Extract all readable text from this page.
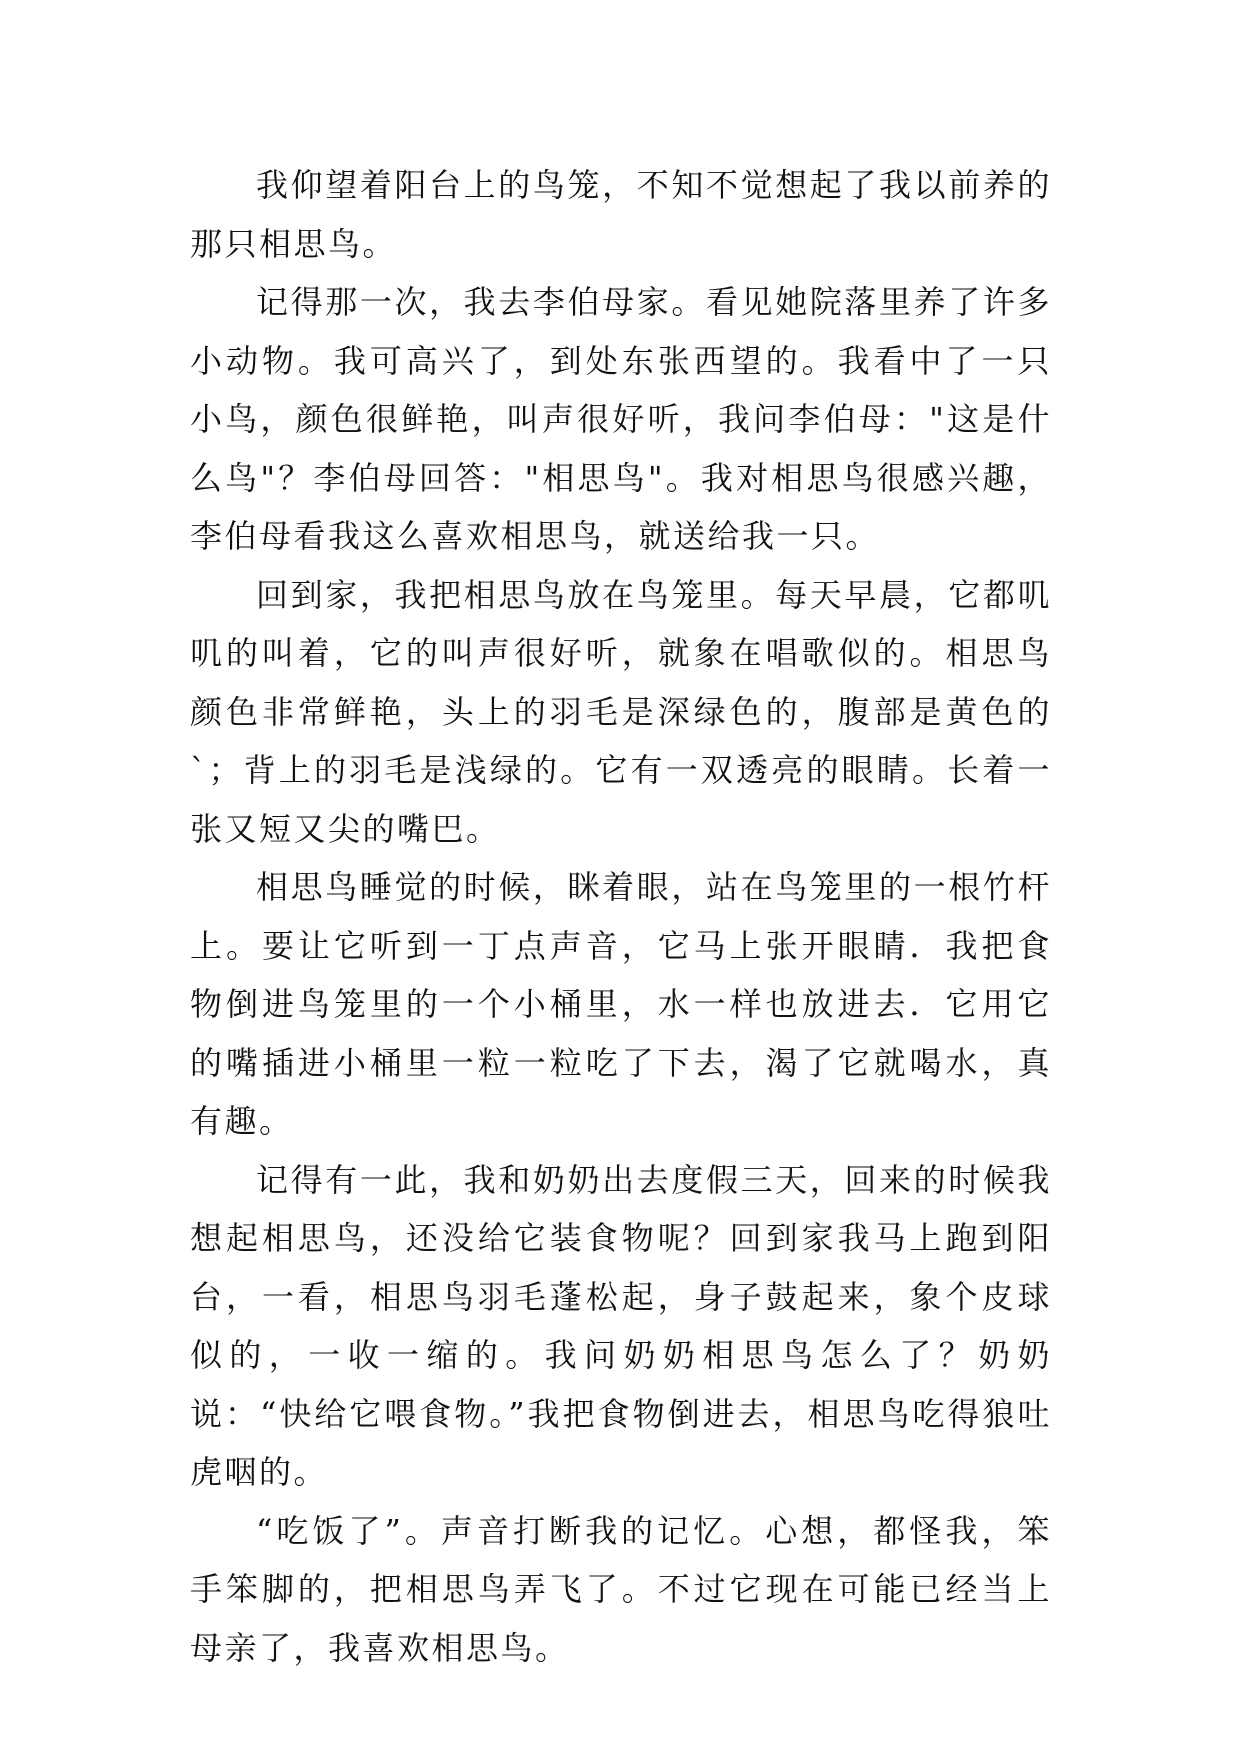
我仰望着阳台上的鸟笼，不知不觉想起了我以前养的那只相思鸟。

记得那一次，我去李伯母家。看见她院落里养了许多小动物。我可高兴了，到处东张西望的。我看中了一只小鸟，颜色很鲜艳，叫声很好听，我问李伯母："这是什么鸟"？李伯母回答："相思鸟"。我对相思鸟很感兴趣，李伯母看我这么喜欢相思鸟，就送给我一只。

回到家，我把相思鸟放在鸟笼里。每天早晨，它都叽叽的叫着，它的叫声很好听，就象在唱歌似的。相思鸟颜色非常鲜艳，头上的羽毛是深绿色的，腹部是黄色的`；背上的羽毛是浅绿的。它有一双透亮的眼睛。长着一张又短又尖的嘴巴。

相思鸟睡觉的时候，眯着眼，站在鸟笼里的一根竹杆上。要让它听到一丁点声音，它马上张开眼睛．我把食物倒进鸟笼里的一个小桶里，水一样也放进去．它用它的嘴插进小桶里一粒一粒吃了下去，渴了它就喝水，真有趣。

记得有一此，我和奶奶出去度假三天，回来的时候我想起相思鸟，还没给它装食物呢？回到家我马上跑到阳台，一看，相思鸟羽毛蓬松起，身子鼓起来，象个皮球似的，一收一缩的。我问奶奶相思鸟怎么了？奶奶说：“快给它喂食物。”我把食物倒进去，相思鸟吃得狼吐虎咽的。

“吃饭了”。声音打断我的记忆。心想，都怪我，笨手笨脚的，把相思鸟弄飞了。不过它现在可能已经当上母亲了，我喜欢相思鸟。
